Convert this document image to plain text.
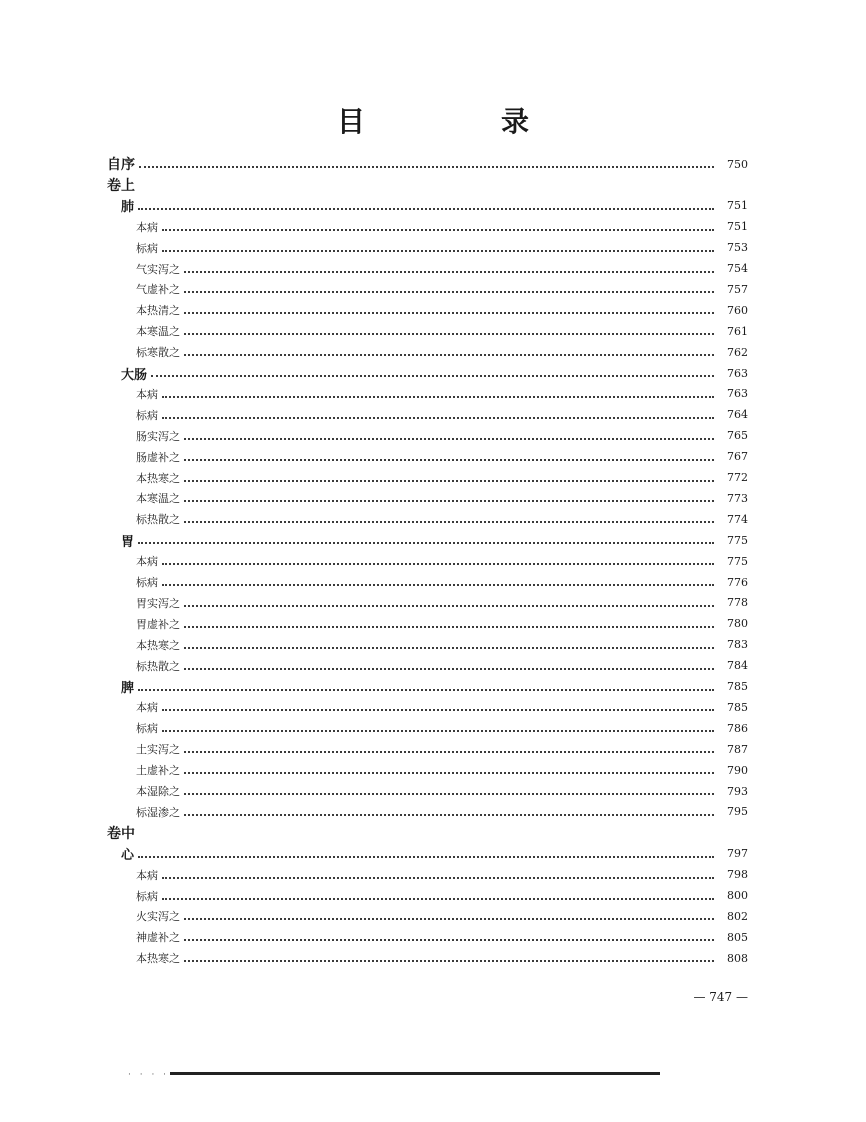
目　录
自序	750
卷上
肺	751
本病	751
标病	753
气实泻之	754
气虚补之	757
本热清之	760
本寒温之	761
标寒散之	762
大肠	763
本病	763
标病	764
肠实泻之	765
肠虚补之	767
本热寒之	772
本寒温之	773
标热散之	774
胃	775
本病	775
标病	776
胃实泻之	778
胃虚补之	780
本热寒之	783
标热散之	784
脾	785
本病	785
标病	786
土实泻之	787
土虚补之	790
本湿除之	793
标湿渗之	795
卷中
心	797
本病	798
标病	800
火实泻之	802
神虚补之	805
本热寒之	808
— 747 —
· · · ·
